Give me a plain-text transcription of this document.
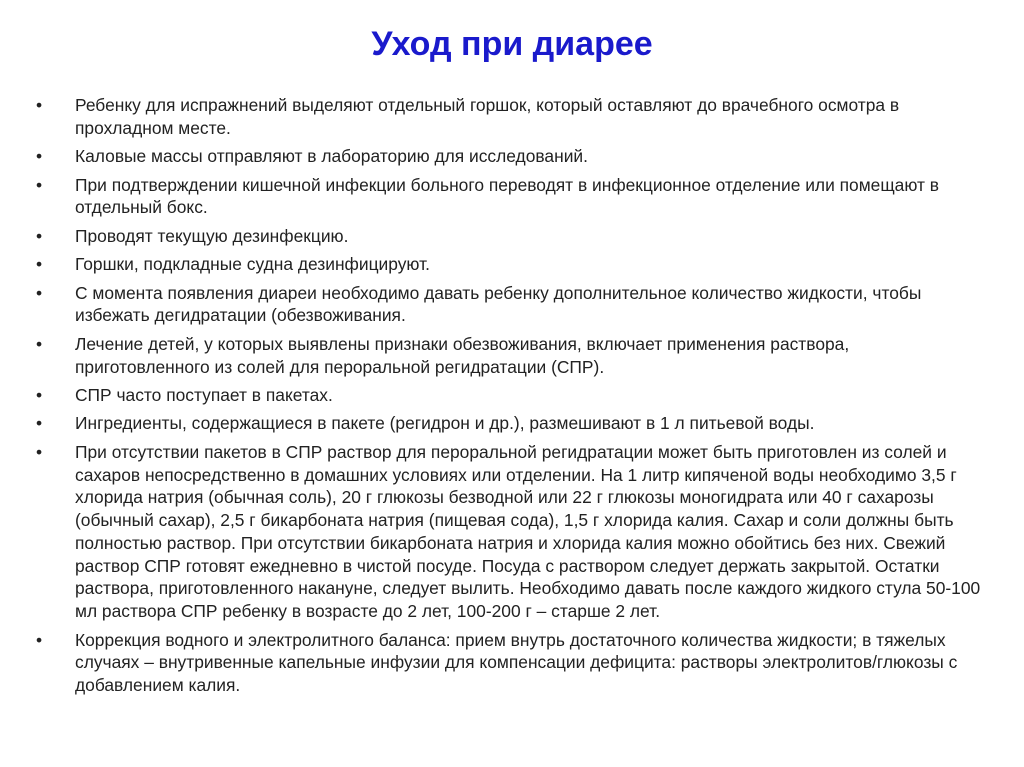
Уход при диарее
•	Ребенку для испражнений выделяют отдельный горшок, который оставляют до врачебного осмотра в прохладном месте.
•	Каловые массы отправляют в лабораторию для исследований.
•	При подтверждении кишечной инфекции больного переводят в инфекционное отделение или помещают в отдельный бокс.
•	Проводят текущую дезинфекцию.
•	Горшки, подкладные судна дезинфицируют.
•	С момента появления диареи необходимо давать ребенку дополнительное количество жидкости, чтобы избежать дегидратации (обезвоживания.
•	Лечение детей, у которых выявлены признаки обезвоживания, включает применения раствора, приготовленного из солей для пероральной регидратации (СПР).
•	СПР часто поступает в пакетах.
•	Ингредиенты, содержащиеся в пакете (регидрон и др.), размешивают в 1 л питьевой воды.
•	При отсутствии пакетов в СПР раствор для пероральной регидратации может быть приготовлен из солей и сахаров непосредственно в домашних условиях или отделении. На 1 литр кипяченой воды необходимо 3,5 г хлорида натрия (обычная соль), 20 г глюкозы безводной или 22 г глюкозы моногидрата или 40 г сахарозы (обычный сахар), 2,5 г бикарбоната натрия (пищевая сода), 1,5 г хлорида калия. Сахар и соли должны быть полностью раствор. При отсутствии бикарбоната натрия и хлорида калия можно обойтись без них. Свежий раствор СПР готовят ежедневно в чистой посуде. Посуда с раствором следует держать закрытой. Остатки раствора, приготовленного накануне, следует вылить. Необходимо давать после каждого жидкого стула 50-100 мл раствора СПР ребенку в возрасте до 2 лет, 100-200 г – старше 2 лет.
•	Коррекция водного и электролитного баланса: прием внутрь достаточного количества жидкости; в тяжелых случаях – внутривенные капельные инфузии для компенсации дефицита: растворы электролитов/глюкозы с добавлением калия.
